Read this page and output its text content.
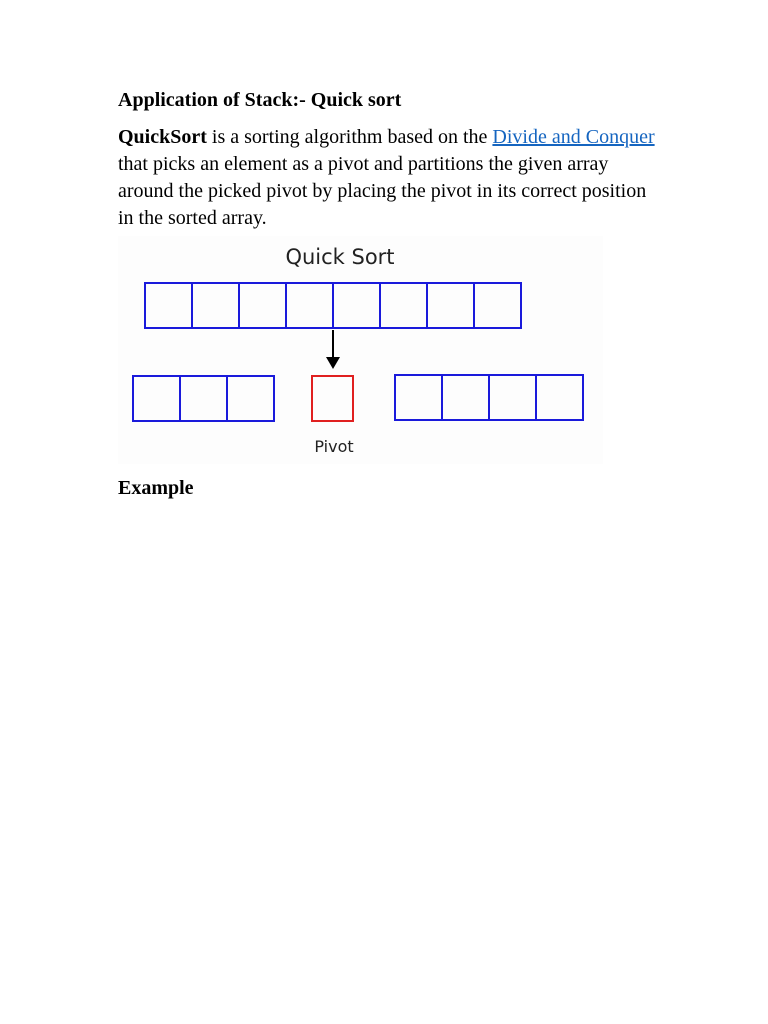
Application of Stack:- Quick sort

QuickSort is a sorting algorithm based on the Divide and Conquer that picks an element as a pivot and partitions the given array around the picked pivot by placing the pivot in its correct position in the sorted array.

Quick Sort
Pivot
Example
